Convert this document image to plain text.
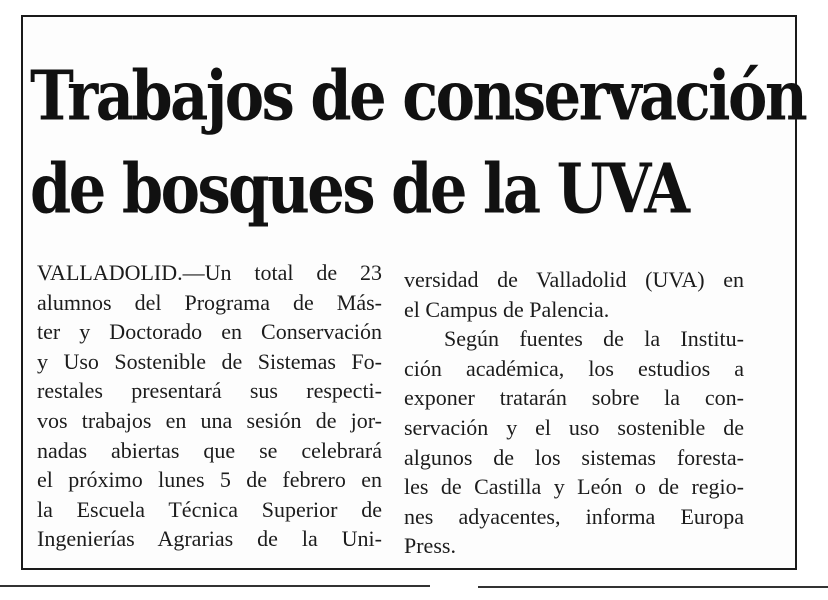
Trabajos de conservación
de bosques de la UVA
VALLADOLID.—Un total de 23
alumnos del Programa de Más-
ter y Doctorado en Conservación
y Uso Sostenible de Sistemas Fo-
restales presentará sus respecti-
vos trabajos en una sesión de jor-
nadas abiertas que se celebrará
el próximo lunes 5 de febrero en
la Escuela Técnica Superior de
Ingenierías Agrarias de la Uni-
versidad de Valladolid (UVA) en
el Campus de Palencia.
Según fuentes de la Institu-
ción académica, los estudios a
exponer tratarán sobre la con-
servación y el uso sostenible de
algunos de los sistemas foresta-
les de Castilla y León o de regio-
nes adyacentes, informa Europa
Press.
